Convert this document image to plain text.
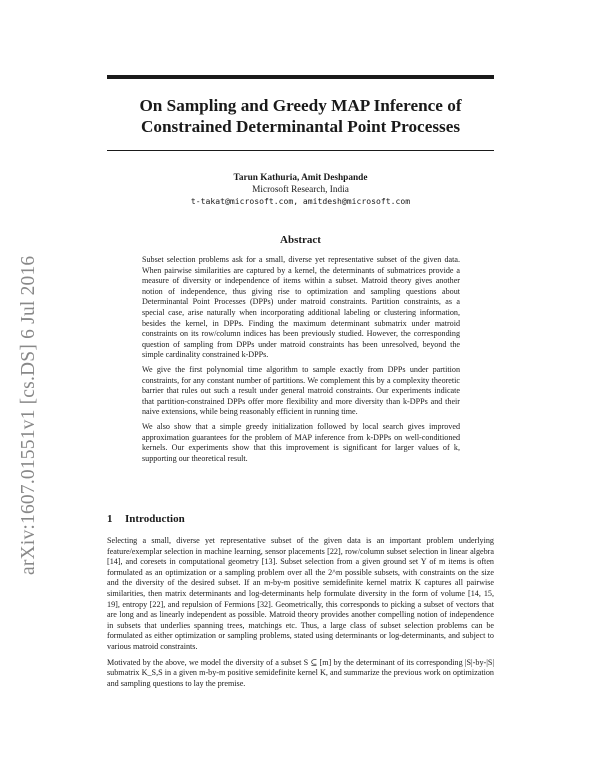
arXiv:1607.01551v1 [cs.DS] 6 Jul 2016
On Sampling and Greedy MAP Inference of
Constrained Determinantal Point Processes
Tarun Kathuria, Amit Deshpande
Microsoft Research, India
t-takat@microsoft.com, amitdesh@microsoft.com
Abstract

Subset selection problems ask for a small, diverse yet representative subset of the given data. When pairwise similarities are captured by a kernel, the determinants of submatrices provide a measure of diversity or independence of items within a subset. Matroid theory gives another notion of independence, thus giving rise to optimization and sampling questions about Determinantal Point Processes (DPPs) under matroid constraints. Partition constraints, as a special case, arise naturally when incorporating additional labeling or clustering information, besides the kernel, in DPPs. Finding the maximum determinant submatrix under matroid constraints on its row/column indices has been previously studied. However, the corresponding question of sampling from DPPs under matroid constraints has been unresolved, beyond the simple cardinality constrained k-DPPs.

We give the first polynomial time algorithm to sample exactly from DPPs under partition constraints, for any constant number of partitions. We complement this by a complexity theoretic barrier that rules out such a result under general matroid constraints. Our experiments indicate that partition-constrained DPPs offer more flexibility and more diversity than k-DPPs and their naive extensions, while being reasonably efficient in running time.

We also show that a simple greedy initialization followed by local search gives improved approximation guarantees for the problem of MAP inference from k-DPPs on well-conditioned kernels. Our experiments show that this improvement is significant for larger values of k, supporting our theoretical result.

1 Introduction

Selecting a small, diverse yet representative subset of the given data is an important problem underlying feature/exemplar selection in machine learning, sensor placements [22], row/column subset selection in linear algebra [14], and coresets in computational geometry [13]. Subset selection from a given ground set Y of m items is often formulated as an optimization or a sampling problem over all the 2^m possible subsets, with constraints on the size and the diversity of the desired subset. If an m-by-m positive semidefinite kernel matrix K captures all pairwise similarities, then matrix determinants and log-determinants help formulate diversity in the form of volume [14, 15, 19], entropy [22], and repulsion of Fermions [32]. Geometrically, this corresponds to picking a subset of vectors that are long and as linearly independent as possible. Matroid theory provides another compelling notion of independence in subsets that underlies spanning trees, matchings etc. Thus, a large class of subset selection problems can be formulated as either optimization or sampling problems, stated using determinants or log-determinants, and subject to various matroid constraints.

Motivated by the above, we model the diversity of a subset S ⊆ [m] by the determinant of its corresponding |S|-by-|S| submatrix K_S,S in a given m-by-m positive semidefinite kernel K, and summarize the previous work on optimization and sampling questions to lay the premise.
